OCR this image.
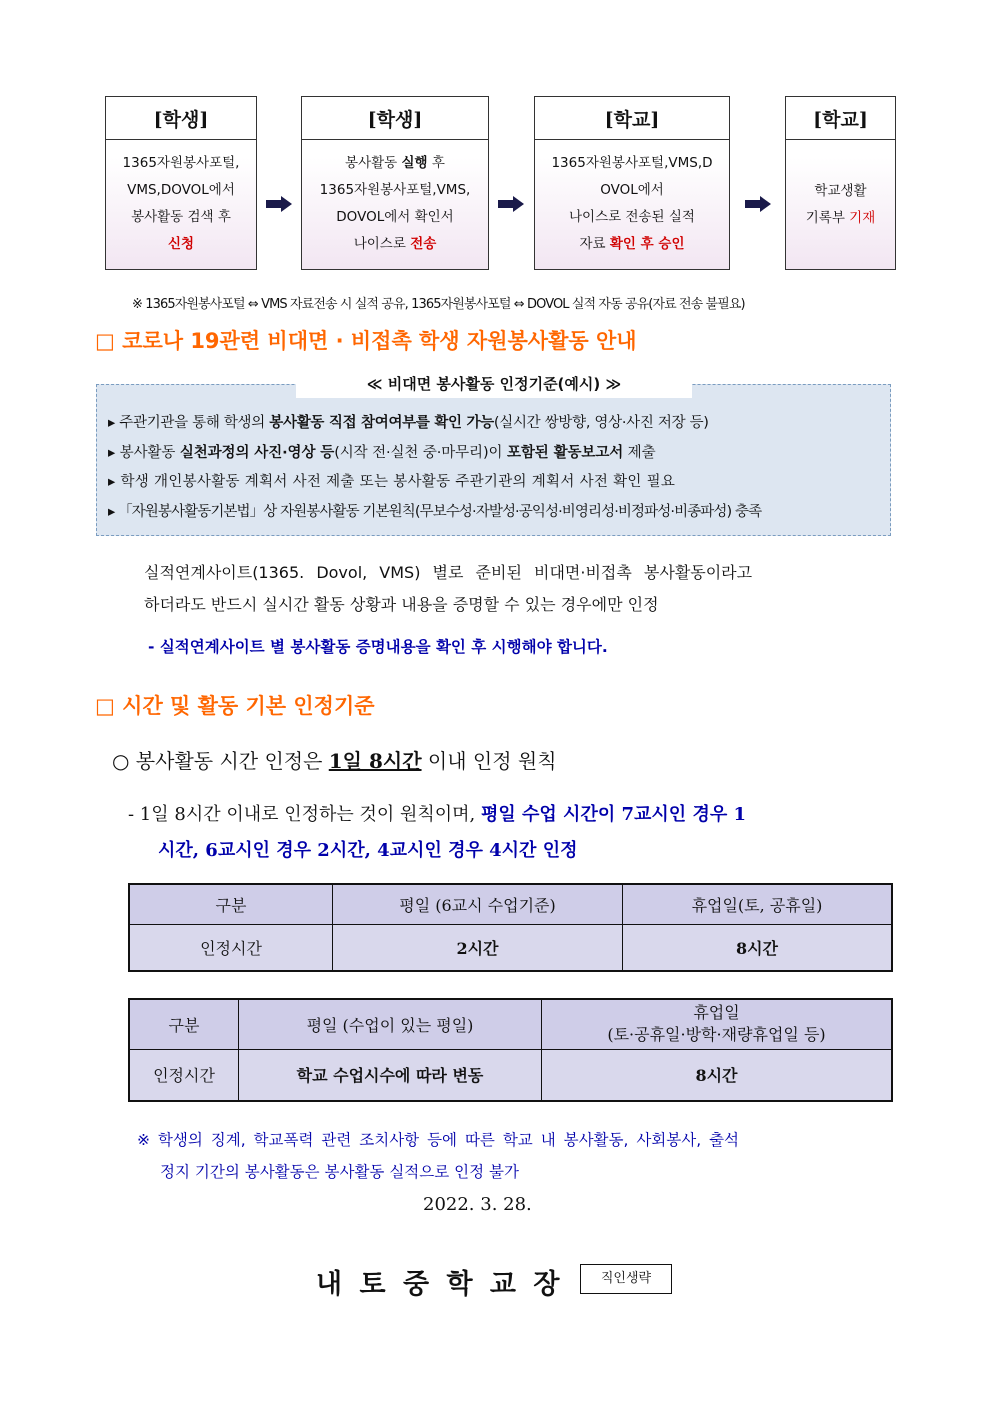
[학생]
1365자원봉사포털,
VMS,DOVOL에서
봉사활동 검색 후
신청
[학생]
봉사활동 실행 후
1365자원봉사포털,VMS,
DOVOL에서 확인서
나이스로 전송
[학교]
1365자원봉사포털,VMS,D
OVOL에서
나이스로 전송된 실적
자료 확인 후 승인
[학교]
학교생활
기록부 기재
※ 1365자원봉사포털 ⇔ VMS 자료전송 시 실적 공유, 1365자원봉사포털 ⇔ DOVOL 실적 자동 공유(자료 전송 불필요)
□ 코로나 19관련 비대면 · 비접촉 학생 자원봉사활동 안내
≪ 비대면 봉사활동 인정기준(예시) ≫
▸ 주관기관을 통해 학생의 봉사활동 직접 참여여부를 확인 가능(실시간 쌍방향, 영상·사진 저장 등)
▸ 봉사활동 실천과정의 사진·영상 등(시작 전·실천 중·마무리)이 포함된 활동보고서 제출
▸ 학생 개인봉사활동 계획서 사전 제출 또는 봉사활동 주관기관의 계획서 사전 확인 필요
▸ 「자원봉사활동기본법」상 자원봉사활동 기본원칙(무보수성·자발성·공익성·비영리성·비정파성·비종파성) 충족
실적연계사이트(1365. Dovol, VMS) 별로 준비된 비대면·비접촉 봉사활동이라고
하더라도 반드시 실시간 활동 상황과 내용을 증명할 수 있는 경우에만 인정
- 실적연계사이트 별 봉사활동 증명내용을 확인 후 시행해야 합니다.
□ 시간 및 활동 기본 인정기준
○ 봉사활동 시간 인정은 1일 8시간 이내 인정 원칙
- 1일 8시간 이내로 인정하는 것이 원칙이며, 평일 수업 시간이 7교시인 경우 1
시간, 6교시인 경우 2시간, 4교시인 경우 4시간 인정
구분	평일 (6교시 수업기준)	휴업일(토, 공휴일)
인정시간	2시간	8시간
구분	평일 (수업이 있는 평일)	휴업일
(토·공휴일·방학·재량휴업일 등)

인정시간	학교 수업시수에 따라 변동	8시간
※ 학생의 징계, 학교폭력 관련 조치사항 등에 따른 학교 내 봉사활동, 사회봉사, 출석
정지 기간의 봉사활동은 봉사활동 실적으로 인정 불가
2022. 3. 28.
내 토 중 학 교 장	직인생략
